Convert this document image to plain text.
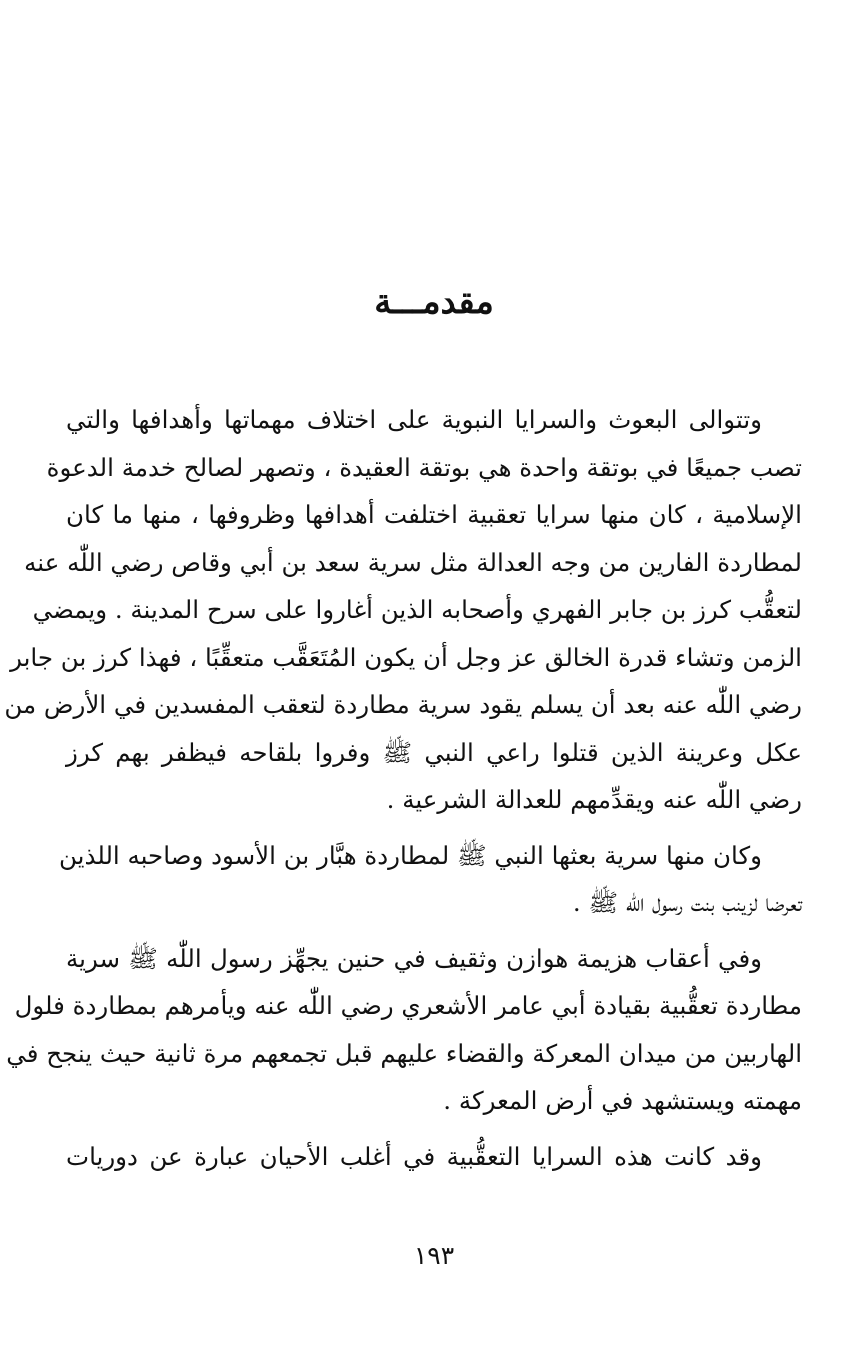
مقدمـــة
وتتوالى البعوث والسرايا النبوية على اختلاف مهماتها وأهدافها والتي
تصب جميعًا في بوتقة واحدة هي بوتقة العقيدة ، وتصهر لصالح خدمة الدعوة
الإسلامية ، كان منها سرايا تعقبية اختلفت أهدافها وظروفها ، منها ما كان
لمطاردة الفارين من وجه العدالة مثل سرية سعد بن أبي وقاص رضي اللّٰه عنه
لتعقُّب كرز بن جابر الفهري وأصحابه الذين أغاروا على سرح المدينة . ويمضي
الزمن وتشاء قدرة الخالق عز وجل أن يكون المُتَعَقَّب متعقِّبًا ، فهذا كرز بن جابر
رضي اللّٰه عنه بعد أن يسلم يقود سرية مطاردة لتعقب المفسدين في الأرض من
عكل وعرينة الذين قتلوا راعي النبي ﷺ وفروا بلقاحه فيظفر بهم كرز
رضي اللّٰه عنه ويقدِّمهم للعدالة الشرعية .
وكان منها سرية بعثها النبي ﷺ لمطاردة هبَّار بن الأسود وصاحبه اللذين
تعرضا لزينب بنت رسول اللّٰه ﷺ .
وفي أعقاب هزيمة هوازن وثقيف في حنين يجهِّز رسول اللّٰه ﷺ سرية
مطاردة تعقُّبية بقيادة أبي عامر الأشعري رضي اللّٰه عنه ويأمرهم بمطاردة فلول
الهاربين من ميدان المعركة والقضاء عليهم قبل تجمعهم مرة ثانية حيث ينجح في
مهمته ويستشهد في أرض المعركة .
وقد كانت هذه السرايا التعقُّبية في أغلب الأحيان عبارة عن دوريات
١٩٣
